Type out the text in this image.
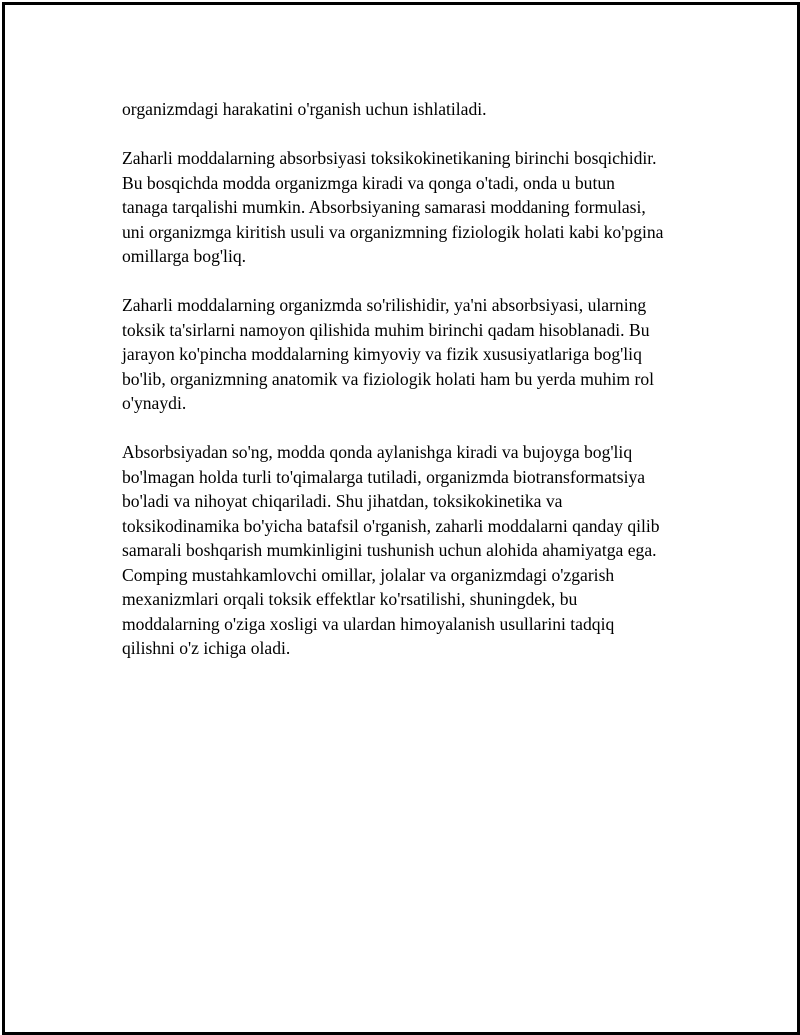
organizmdagi harakatini o'rganish uchun ishlatiladi.

Zaharli moddalarning absorbsiyasi toksikokinetikaning birinchi bosqichidir.
Bu bosqichda modda organizmga kiradi va qonga o'tadi, onda u butun
tanaga tarqalishi mumkin. Absorbsiyaning samarasi moddaning formulasi,
uni organizmga kiritish usuli va organizmning fiziologik holati kabi ko'pgina
omillarga bog'liq.

Zaharli moddalarning organizmda so'rilishidir, ya'ni absorbsiyasi, ularning
toksik ta'sirlarni namoyon qilishida muhim birinchi qadam hisoblanadi. Bu
jarayon ko'pincha moddalarning kimyoviy va fizik xususiyatlariga bog'liq
bo'lib, organizmning anatomik va fiziologik holati ham bu yerda muhim rol
o'ynaydi.

Absorbsiyadan so'ng, modda qonda aylanishga kiradi va bujoyga bog'liq
bo'lmagan holda turli to'qimalarga tutiladi, organizmda biotransformatsiya
bo'ladi va nihoyat chiqariladi. Shu jihatdan, toksikokinetika va
toksikodinamika bo'yicha batafsil o'rganish, zaharli moddalarni qanday qilib
samarali boshqarish mumkinligini tushunish uchun alohida ahamiyatga ega.
Comping mustahkamlovchi omillar, jolalar va organizmdagi o'zgarish
mexanizmlari orqali toksik effektlar ko'rsatilishi, shuningdek, bu
moddalarning o'ziga xosligi va ulardan himoyalanish usullarini tadqiq
qilishni o'z ichiga oladi.
